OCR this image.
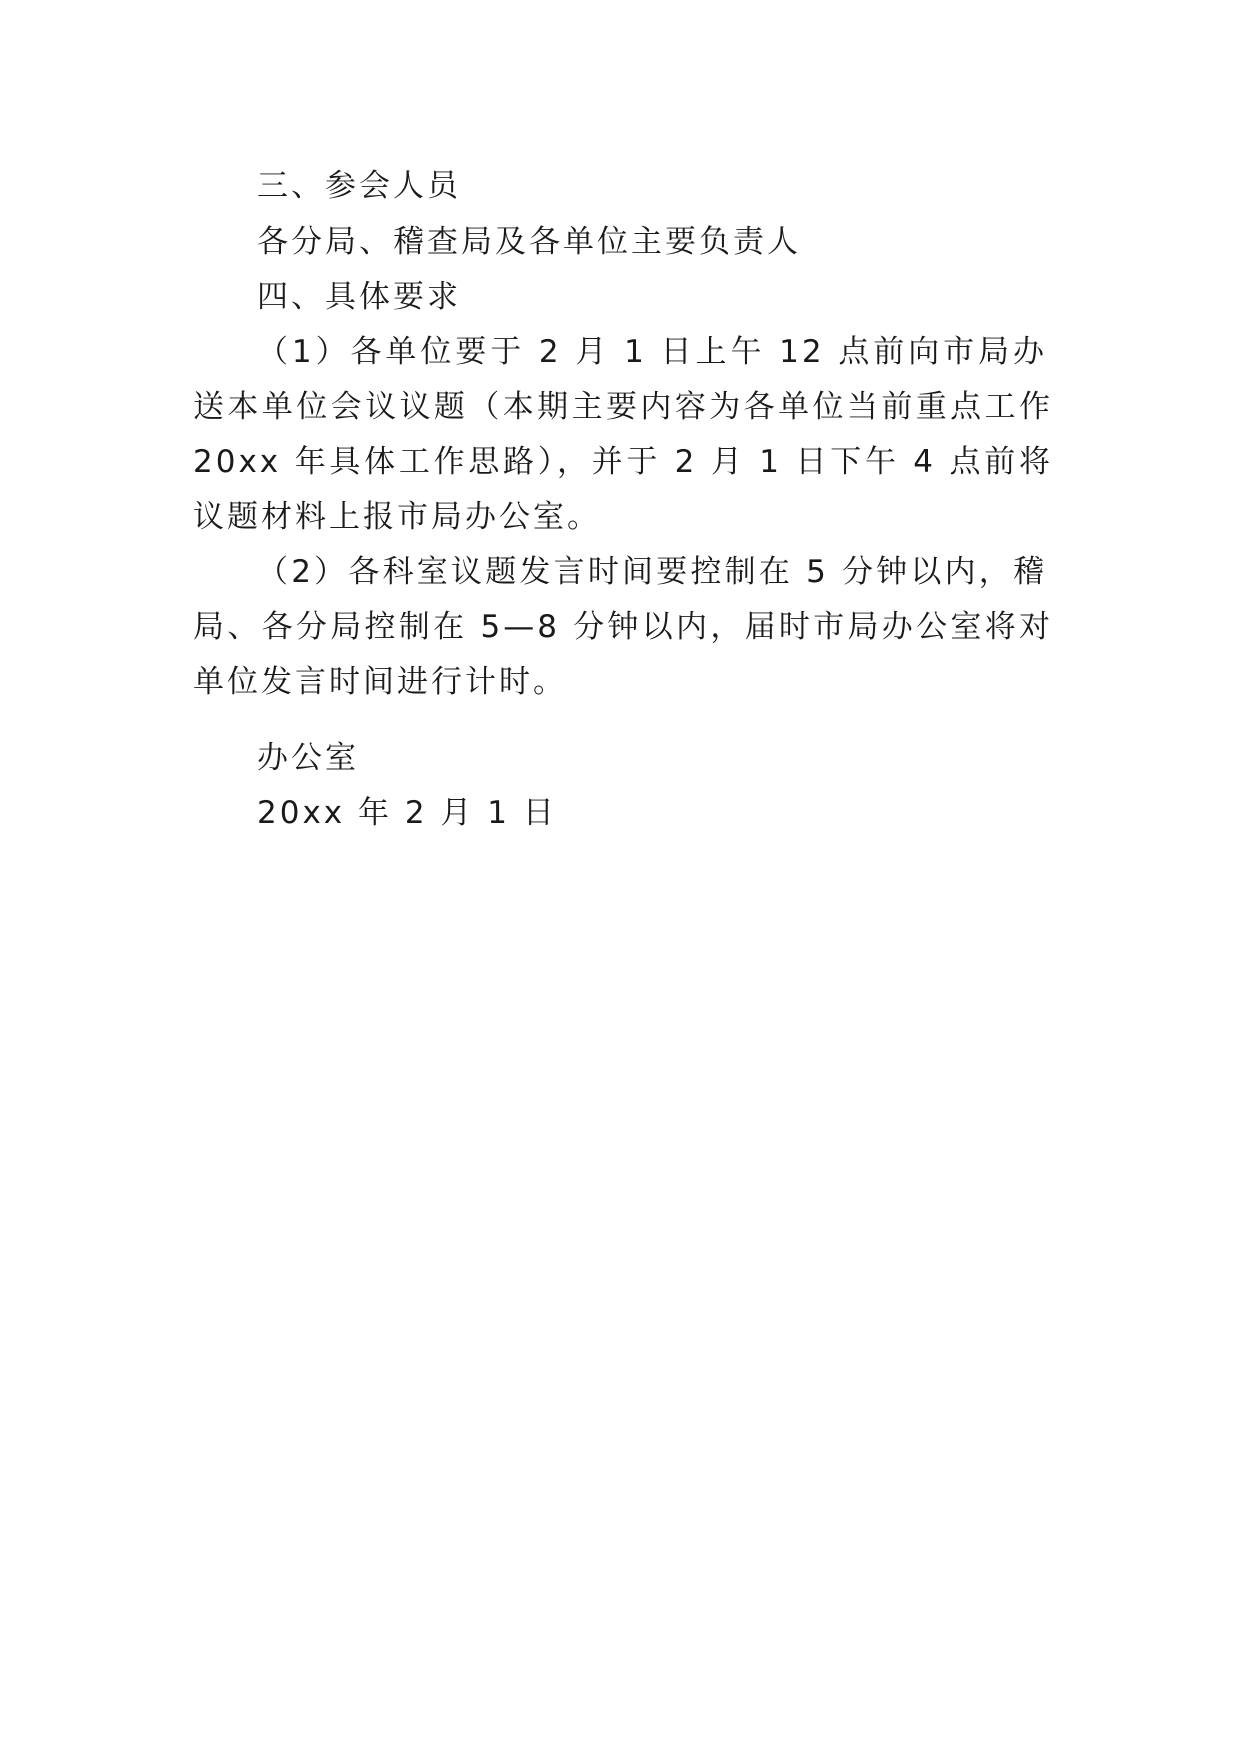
三、参会人员
各分局、稽查局及各单位主要负责人
四、具体要求
（1）各单位要于 2 月 1 日上午 12 点前向市局办
送本单位会议议题（本期主要内容为各单位当前重点工作
20xx 年具体工作思路），并于 2 月 1 日下午 4 点前将
议题材料上报市局办公室。
（2）各科室议题发言时间要控制在 5 分钟以内，稽
局、各分局控制在 5—8 分钟以内，届时市局办公室将对
单位发言时间进行计时。
办公室
20xx 年 2 月 1 日
